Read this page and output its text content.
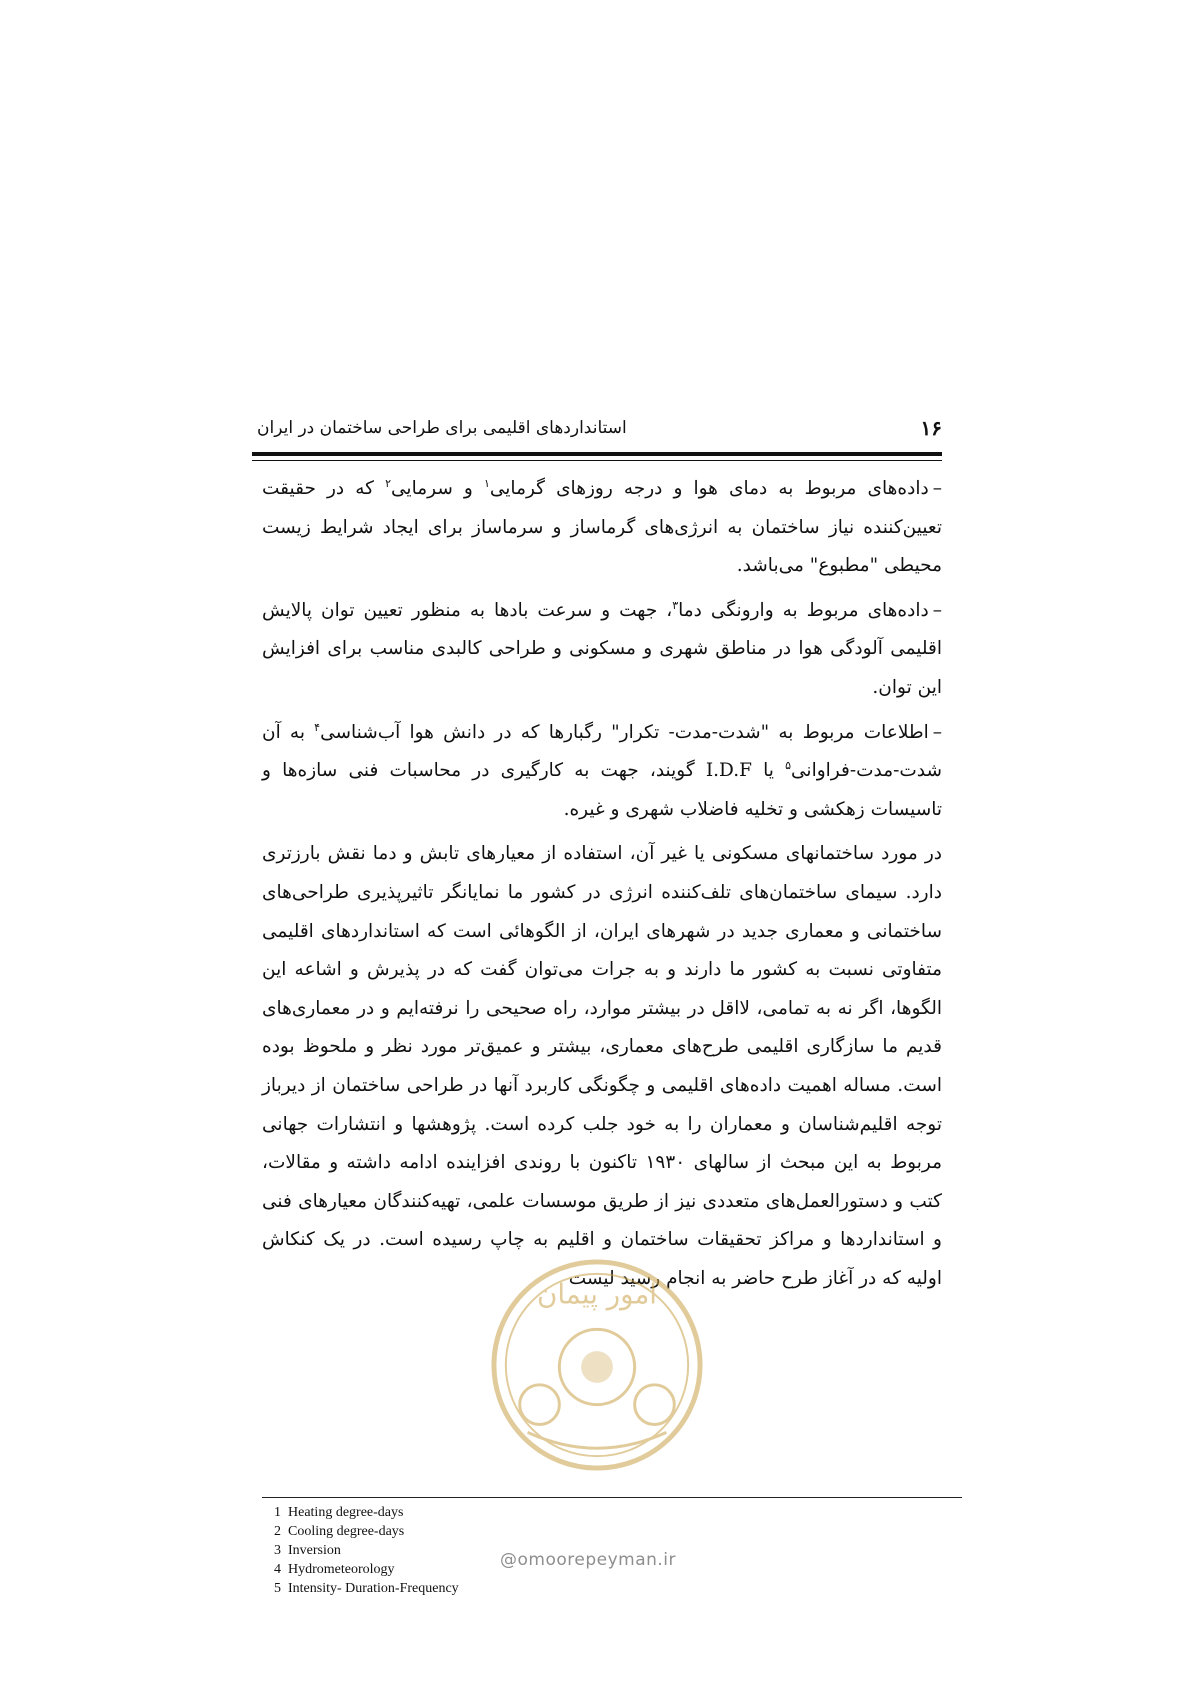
۱۶
استانداردهای اقلیمی برای طراحی ساختمان در ایران

–داده‌های مربوط به دمای هوا و درجه روزهای گرمایی$^۱$ و سرمایی$^۲$ که در حقیقت تعیین‌کننده نیاز ساختمان به انرژی‌های گرماساز و سرماساز برای ایجاد شرایط زیست محیطی "مطبوع" می‌باشد.

–داده‌های مربوط به وارونگی دما$^۳$، جهت و سرعت بادها به منظور تعیین توان پالایش اقلیمی آلودگی هوا در مناطق شهری و مسکونی و طراحی کالبدی مناسب برای افزایش این توان.

–اطلاعات مربوط به "شدت-مدت- تکرار" رگبارها که در دانش هوا آب‌شناسی$^۴$ به آن شدت-مدت-فراوانی$^۵$ یا I.D.F گویند، جهت به کارگیری در محاسبات فنی سازه‌ها و تاسیسات زهکشی و تخلیه فاضلاب شهری و غیره.

در مورد ساختمانهای مسکونی یا غیر آن، استفاده از معیارهای تابش و دما نقش بارزتری دارد. سیمای ساختمان‌های تلف‌کننده انرژی در کشور ما نمایانگر تاثیرپذیری طراحی‌های ساختمانی و معماری جدید در شهرهای ایران، از الگوهائی است که استانداردهای اقلیمی متفاوتی نسبت به کشور ما دارند و به جرات می‌توان گفت که در پذیرش و اشاعه این الگوها، اگر نه به تمامی، لااقل در بیشتر موارد، راه صحیحی را نرفته‌ایم و در معماری‌های قدیم ما سازگاری اقلیمی طرح‌های معماری، بیشتر و عمیق‌تر مورد نظر و ملحوظ بوده است. مساله اهمیت داده‌های اقلیمی و چگونگی کاربرد آنها در طراحی ساختمان از دیرباز توجه اقلیم‌شناسان و معماران را به خود جلب کرده است. پژوهشها و انتشارات جهانی مربوط به این مبحث از سالهای ۱۹۳۰ تاکنون با روندی افزاینده ادامه داشته و مقالات، کتب و دستورالعمل‌های متعددی نیز از طریق موسسات علمی، تهیه‌کنندگان معیارهای فنی و استانداردها و مراکز تحقیقات ساختمان و اقلیم به چاپ رسیده است. در یک کنکاش اولیه که در آغاز طرح حاضر به انجام رسید لیست

امور پیمان
@omoorepeyman.ir
1 Heating degree-days
2 Cooling degree-days
3 Inversion
4 Hydrometeorology
5 Intensity- Duration-Frequency
